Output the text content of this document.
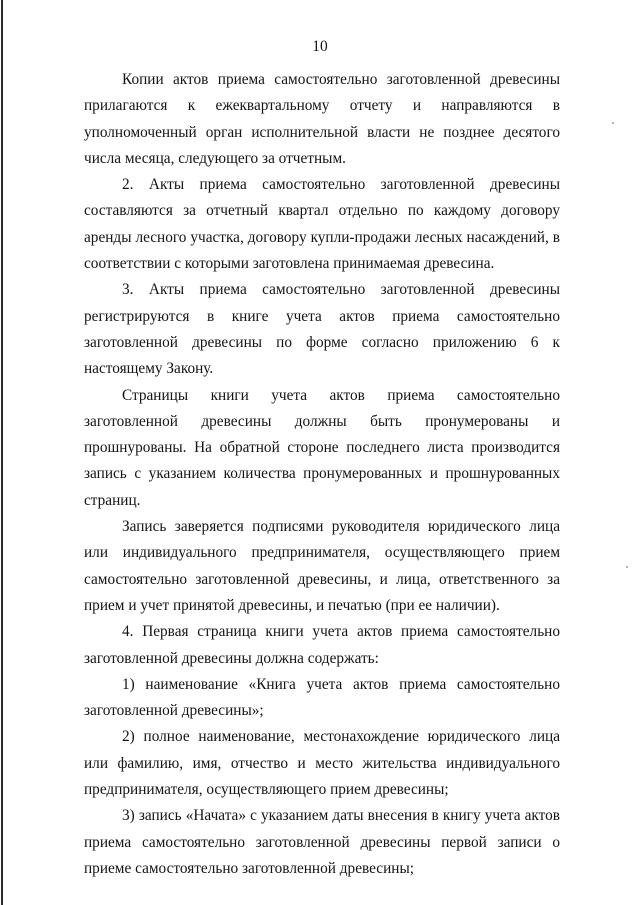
10

Копии актов приема самостоятельно заготовленной древесины прилагаются к ежеквартальному отчету и направляются в уполномоченный орган исполнительной власти не позднее десятого числа месяца, следующего за отчетным.

2. Акты приема самостоятельно заготовленной древесины составляются за отчетный квартал отдельно по каждому договору аренды лесного участка, договору купли-продажи лесных насаждений, в соответствии с которыми заготовлена принимаемая древесина.

3. Акты приема самостоятельно заготовленной древесины регистрируются в книге учета актов приема самостоятельно заготовленной древесины по форме согласно приложению 6 к настоящему Закону.

Страницы книги учета актов приема самостоятельно заготовленной древесины должны быть пронумерованы и прошнурованы. На обратной стороне последнего листа производится запись с указанием количества пронумерованных и прошнурованных страниц.

Запись заверяется подписями руководителя юридического лица или индивидуального предпринимателя, осуществляющего прием самостоятельно заготовленной древесины, и лица, ответственного за прием и учет принятой древесины, и печатью (при ее наличии).

4. Первая страница книги учета актов приема самостоятельно заготовленной древесины должна содержать:

1) наименование «Книга учета актов приема самостоятельно заготовленной древесины»;

2) полное наименование, местонахождение юридического лица или фамилию, имя, отчество и место жительства индивидуального предпринимателя, осуществляющего прием древесины;

3) запись «Начата» с указанием даты внесения в книгу учета актов приема самостоятельно заготовленной древесины первой записи о приеме самостоятельно заготовленной древесины;
